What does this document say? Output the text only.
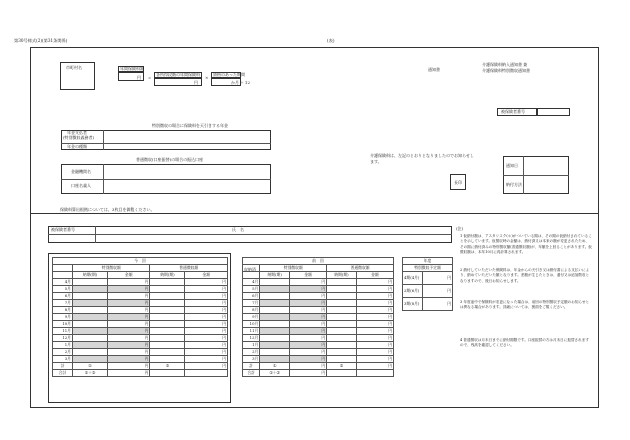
第30号様式(2)(第31条関係)	(表)
市町村名	年間保険料額
円 =
各所得段階の年間保険料
円
×
資格のあった期間
か月 ÷ 12
通知書
介護保険料納入通知書 兼
介護保険料特別徴収通知書
被保険者番号
特別徴収の場合に保険料を天引きする年金
年金支払者
(特別徴収義務者)
年金の種類
普通徴収(口座振替)の場合の振込口座
金融機関名
口座名義人
介護保険料は、左記のとおりとなりましたのでお知らせし
ます。
長印
通知日
納付方法
保険料算出根拠については、3枚目を御覧ください。
被保険者番号	氏　名
今　回				
	特別徴収額		普通徴収額	
	納期(期)	金額	納期(期)	金額
4月		円		円
5月		円		円
6月		円		円
7月		円		円
8月		円		円
9月		円		円
10月		円		円
11月		円		円
12月		円		円
1月		円		円
2月		円		円
3月		円		円
計	①	円	②	円
合計	①＋②	円		
収納済
前　回				
	特別徴収額		普通徴収額	
	納期(期)	金額	納期(期)	金額
4月		円		円
5月		円		円
6月		円		円
7月		円		円
8月		円		円
9月		円		円
10月		円		円
11月		円		円
12月		円		円
1月		円		円
2月		円		円
3月		円		円
計	①	円	②	円
合計	①＋②	円		
年度	
特別徴収予定額	
4期(4月)	円
2期(6月)	円
3期(8月)	円
(注)
1 仮納付額は、アスタリスク(＊)がついている期は、その期の仮納付されていることを示しています。仮徴収時の金額は、納付済又は本来の額が変更されたため、その期に納付済みの特別徴収額(普通徴収額)が、年額を上回ることがあります。仮徴収額は、本年10月に再計算されます。
2 納付していただいた保険料は、年金からの天引き又は納付書による支払いにより、納めていただいた額となります。差額が生じたときは、還付又は追加徴収となりますので、後日お知らせします。
3 年度途中で保険料が変更になった場合は、前回の特別徴収予定額のお知らせとは異なる場合があります。詳細については、裏面をご覧ください。
4 普通徴収は月末日までに納付期限です。口座振替の方は月末日に振替されますので、残高を確認してください。
